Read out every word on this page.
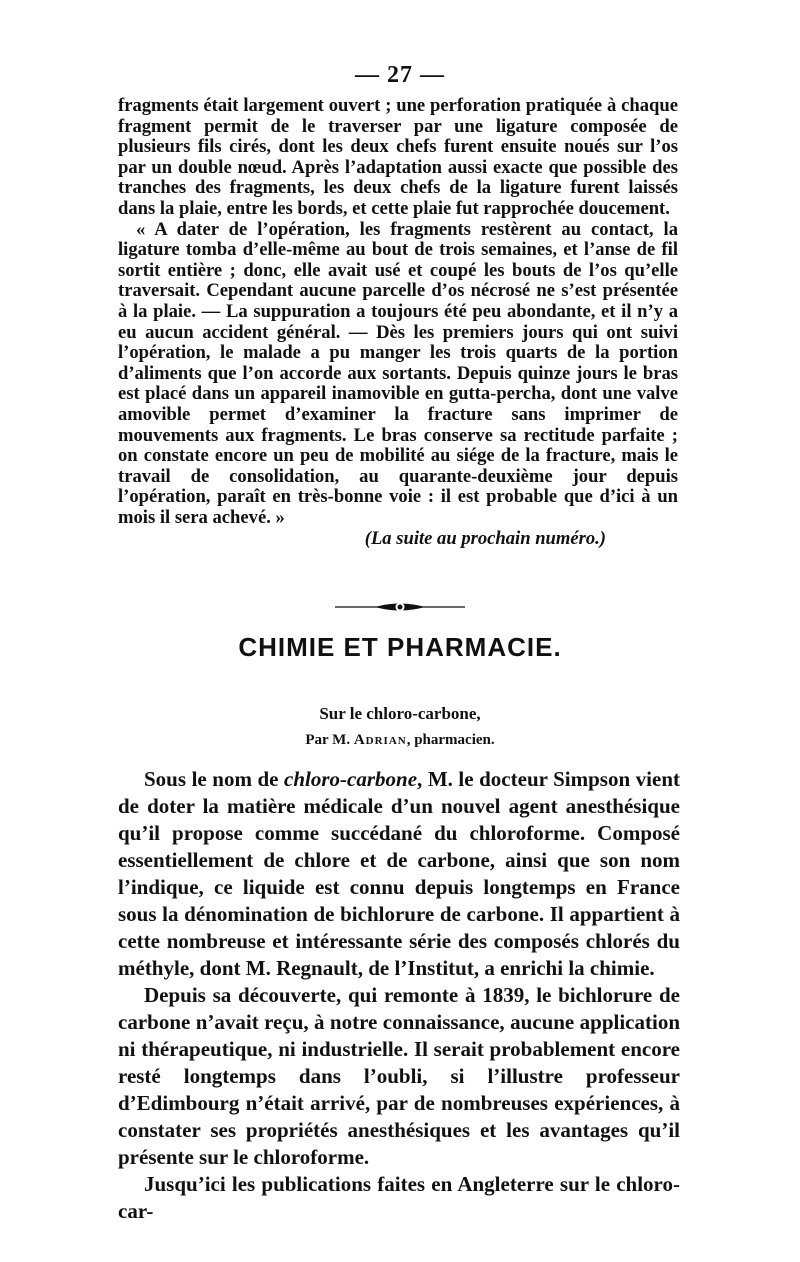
— 27 —

fragments était largement ouvert ; une perforation pratiquée à chaque fragment permit de le traverser par une ligature composée de plusieurs fils cirés, dont les deux chefs furent ensuite noués sur l’os par un double nœud. Après l’adaptation aussi exacte que possible des tranches des fragments, les deux chefs de la ligature furent laissés dans la plaie, entre les bords, et cette plaie fut rapprochée doucement.

« A dater de l’opération, les fragments restèrent au contact, la ligature tomba d’elle-même au bout de trois semaines, et l’anse de fil sortit entière ; donc, elle avait usé et coupé les bouts de l’os qu’elle traversait. Cependant aucune parcelle d’os nécrosé ne s’est présentée à la plaie. — La suppuration a toujours été peu abondante, et il n’y a eu aucun accident général. — Dès les premiers jours qui ont suivi l’opération, le malade a pu manger les trois quarts de la portion d’aliments que l’on accorde aux sortants. Depuis quinze jours le bras est placé dans un appareil inamovible en gutta-percha, dont une valve amovible permet d’examiner la fracture sans imprimer de mouvements aux fragments. Le bras conserve sa rectitude parfaite ; on constate encore un peu de mobilité au siége de la fracture, mais le travail de consolidation, au quarante-deuxième jour depuis l’opération, paraît en très-bonne voie : il est probable que d’ici à un mois il sera achevé. »

(La suite au prochain numéro.)

CHIMIE ET PHARMACIE.
Sur le chloro-carbone,
Par M. Adrian, pharmacien.

Sous le nom de chloro-carbone, M. le docteur Simpson vient de doter la matière médicale d’un nouvel agent anesthésique qu’il propose comme succédané du chloroforme. Composé essentiellement de chlore et de carbone, ainsi que son nom l’indique, ce liquide est connu depuis longtemps en France sous la dénomination de bichlorure de carbone. Il appartient à cette nombreuse et intéressante série des composés chlorés du méthyle, dont M. Regnault, de l’Institut, a enrichi la chimie.

Depuis sa découverte, qui remonte à 1839, le bichlorure de carbone n’avait reçu, à notre connaissance, aucune application ni thérapeutique, ni industrielle. Il serait probablement encore resté longtemps dans l’oubli, si l’illustre professeur d’Edimbourg n’était arrivé, par de nombreuses expériences, à constater ses propriétés anesthésiques et les avantages qu’il présente sur le chloroforme.

Jusqu’ici les publications faites en Angleterre sur le chloro-car-
